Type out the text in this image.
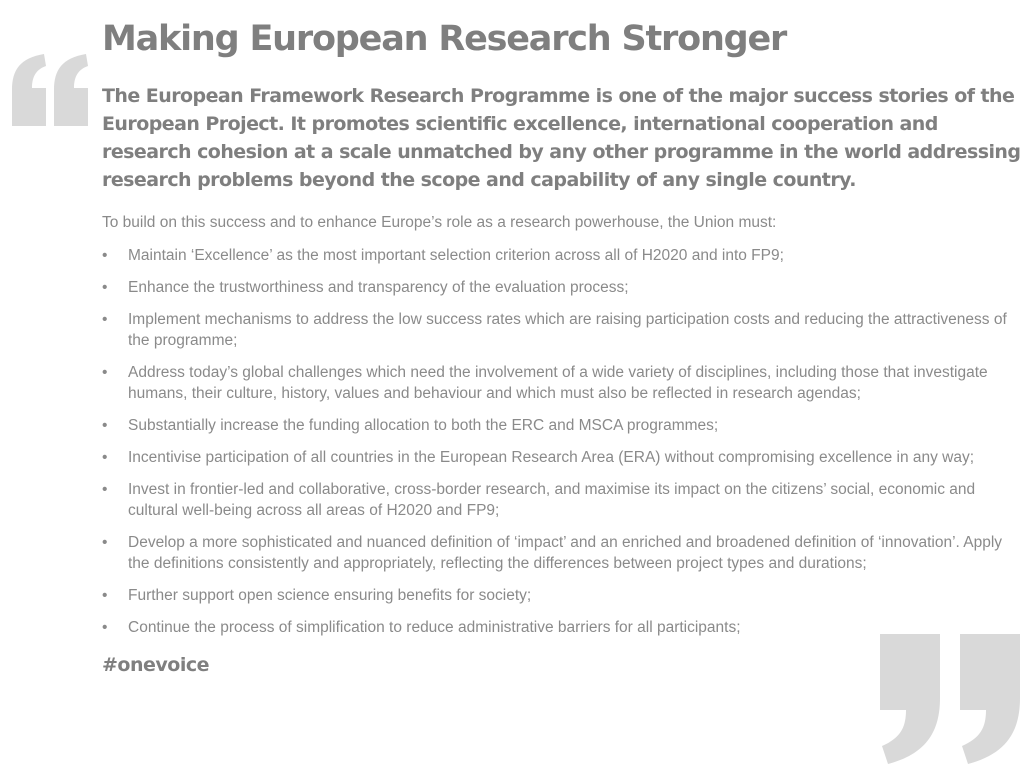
Making European Research Stronger

The European Framework Research Programme is one of the major success stories of the European Project. It promotes scientific excellence, international cooperation and research cohesion at a scale unmatched by any other programme in the world addressing research problems beyond the scope and capability of any single country.

To build on this success and to enhance Europe’s role as a research powerhouse, the Union must:

• Maintain ‘Excellence’ as the most important selection criterion across all of H2020 and into FP9;
• Enhance the trustworthiness and transparency of the evaluation process;
• Implement mechanisms to address the low success rates which are raising participation costs and reducing the attractiveness of the programme;
• Address today’s global challenges which need the involvement of a wide variety of disciplines, including those that investigate humans, their culture, history, values and behaviour and which must also be reflected in research agendas;
• Substantially increase the funding allocation to both the ERC and MSCA programmes;
• Incentivise participation of all countries in the European Research Area (ERA) without compromising excellence in any way;
• Invest in frontier-led and collaborative, cross-border research, and maximise its impact on the citizens’ social, economic and cultural well-being across all areas of H2020 and FP9;
• Develop a more sophisticated and nuanced definition of ‘impact’ and an enriched and broadened definition of ‘innovation’. Apply the definitions consistently and appropriately, reflecting the differences between project types and durations;
• Further support open science ensuring benefits for society;
• Continue the process of simplification to reduce administrative barriers for all participants;

#onevoice
